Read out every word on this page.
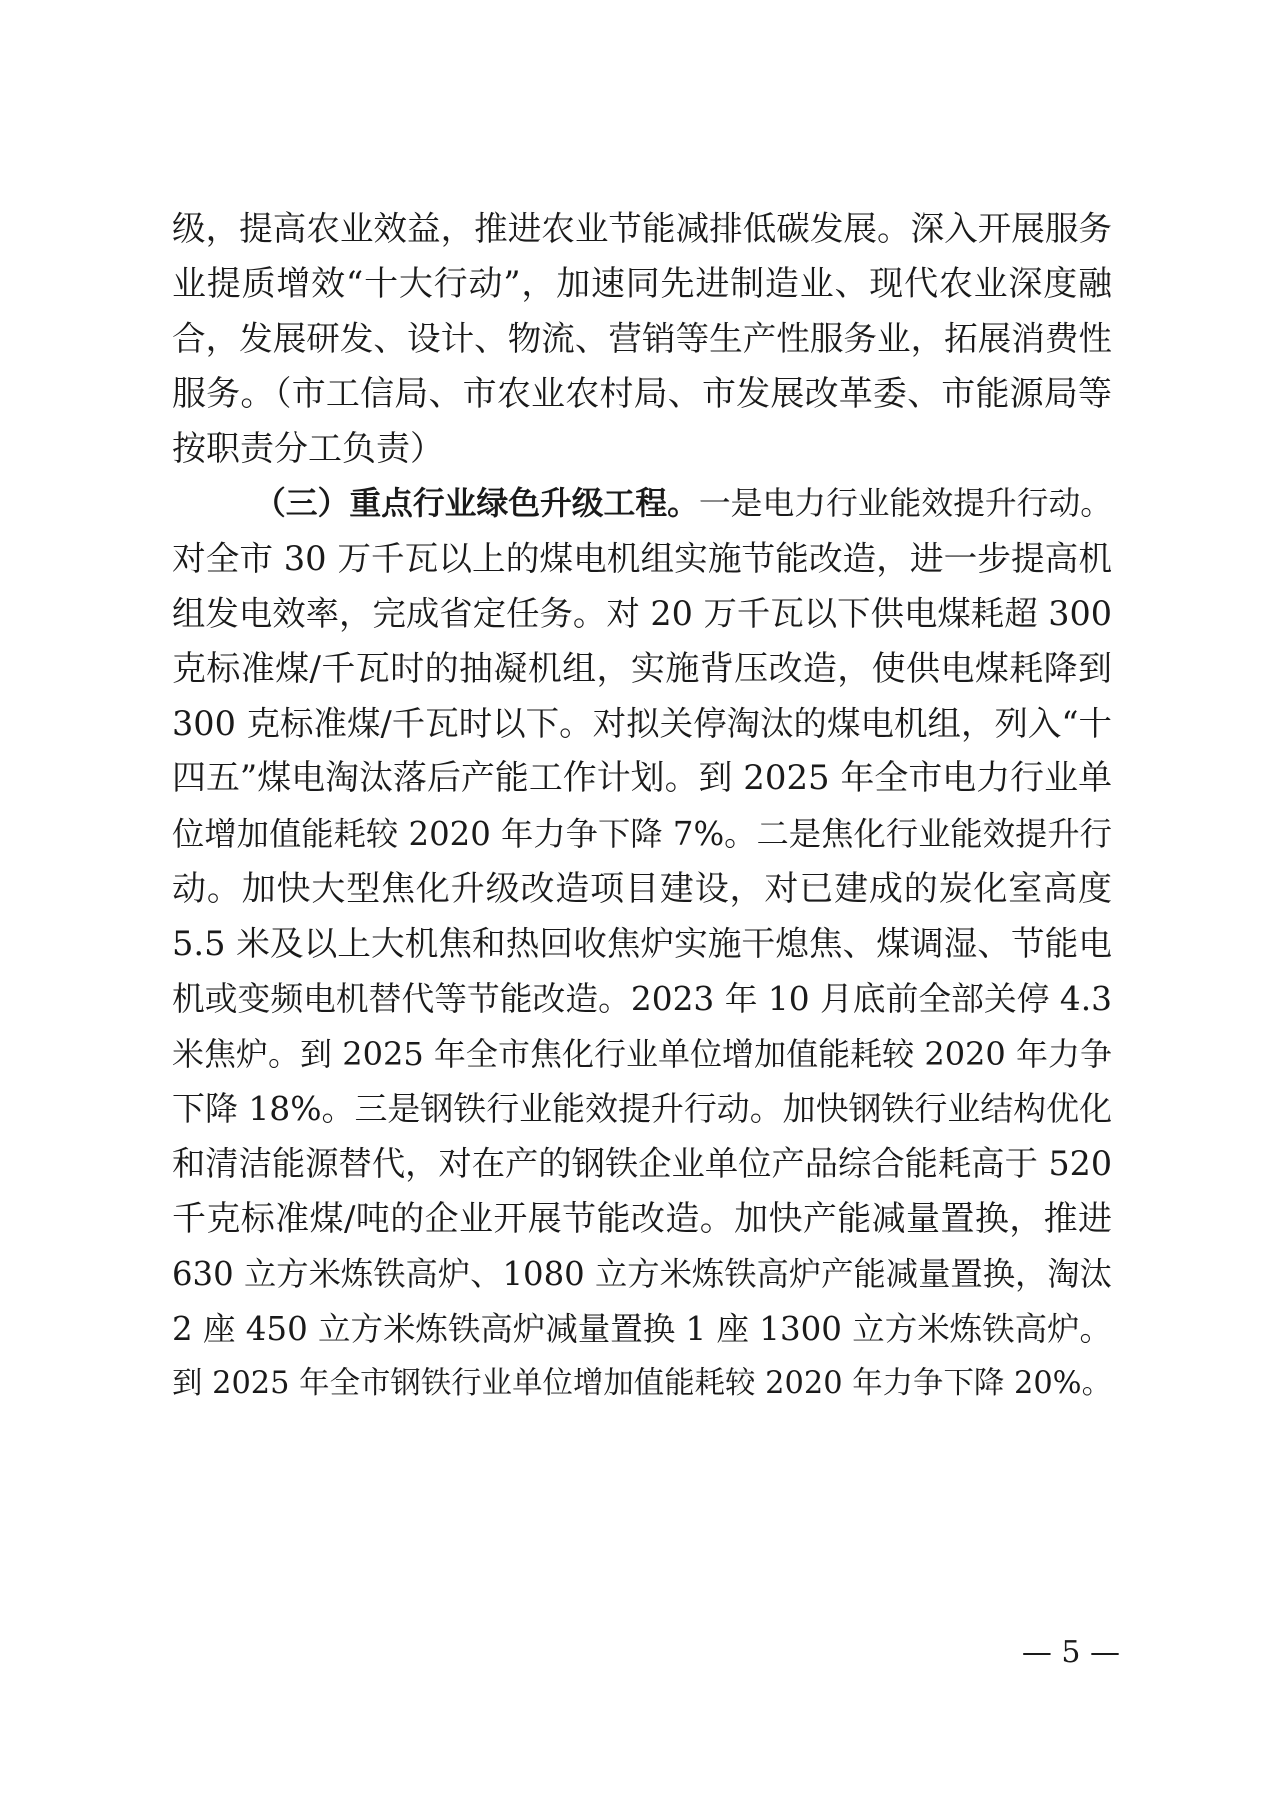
级，提高农业效益，推进农业节能减排低碳发展。深入开展服务
业提质增效“十大行动”，加速同先进制造业、现代农业深度融
合，发展研发、设计、物流、营销等生产性服务业，拓展消费性
服务。（市工信局、市农业农村局、市发展改革委、市能源局等
按职责分工负责）
（三）重点行业绿色升级工程。一是电力行业能效提升行动。
对全市 30 万千瓦以上的煤电机组实施节能改造，进一步提高机
组发电效率，完成省定任务。对 20 万千瓦以下供电煤耗超 300
克标准煤/千瓦时的抽凝机组，实施背压改造，使供电煤耗降到
300 克标准煤/千瓦时以下。对拟关停淘汰的煤电机组，列入“十
四五”煤电淘汰落后产能工作计划。到 2025 年全市电力行业单
位增加值能耗较 2020 年力争下降 7%。二是焦化行业能效提升行
动。加快大型焦化升级改造项目建设，对已建成的炭化室高度
5.5 米及以上大机焦和热回收焦炉实施干熄焦、煤调湿、节能电
机或变频电机替代等节能改造。2023 年 10 月底前全部关停 4.3
米焦炉。到 2025 年全市焦化行业单位增加值能耗较 2020 年力争
下降 18%。三是钢铁行业能效提升行动。加快钢铁行业结构优化
和清洁能源替代，对在产的钢铁企业单位产品综合能耗高于 520
千克标准煤/吨的企业开展节能改造。加快产能减量置换，推进
630 立方米炼铁高炉、1080 立方米炼铁高炉产能减量置换，淘汰
2 座 450 立方米炼铁高炉减量置换 1 座 1300 立方米炼铁高炉。
到 2025 年全市钢铁行业单位增加值能耗较 2020 年力争下降 20%。
— 5 —
